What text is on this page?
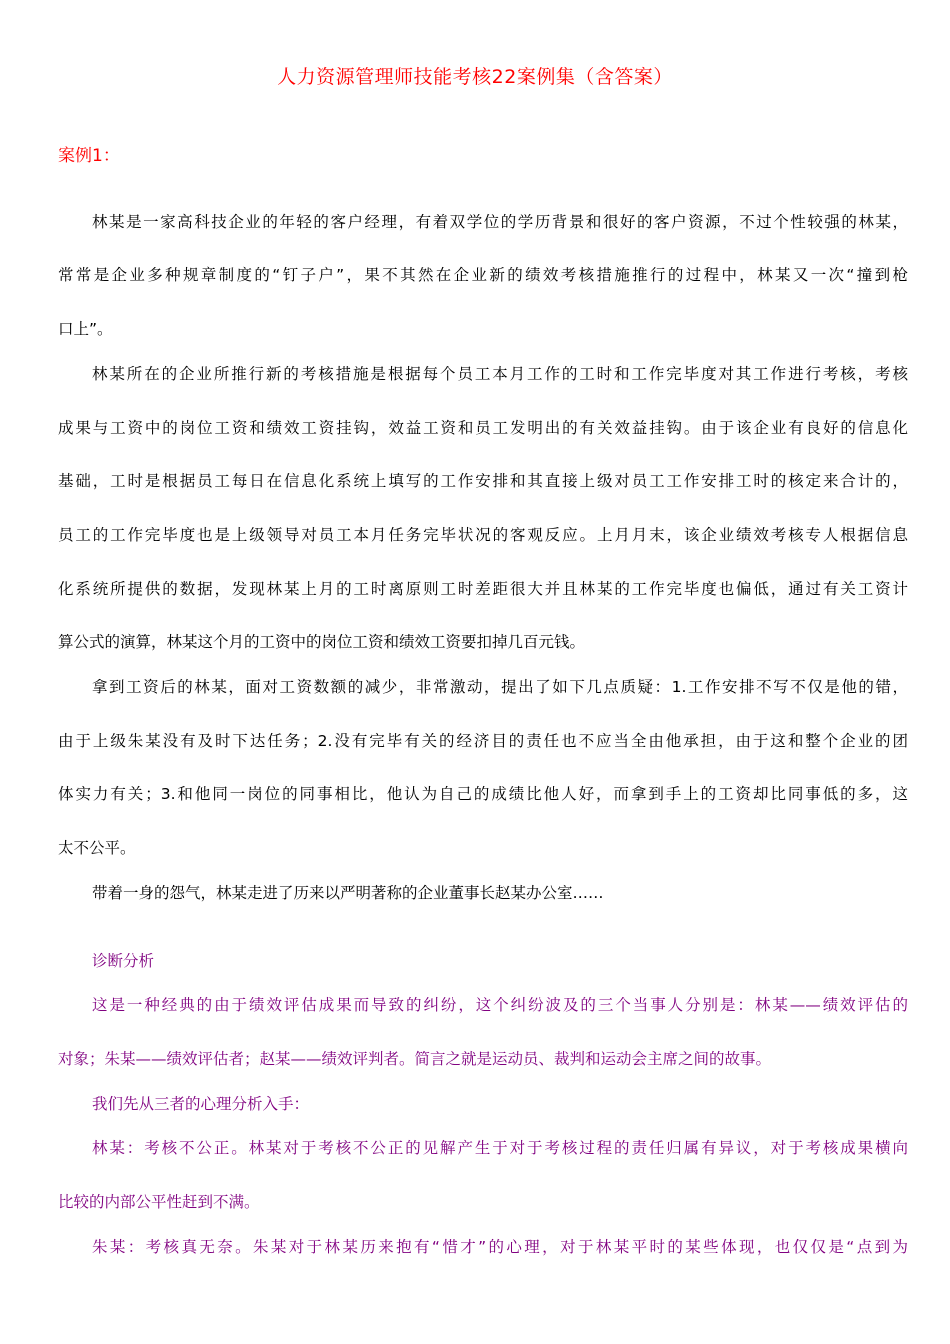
人力资源管理师技能考核22案例集（含答案）
案例1：
林某是一家高科技企业的年轻的客户经理，有着双学位的学历背景和很好的客户资源，不过个性较强的林某，
常常是企业多种规章制度的“钉子户”，果不其然在企业新的绩效考核措施推行的过程中，林某又一次“撞到枪
口上”。
林某所在的企业所推行新的考核措施是根据每个员工本月工作的工时和工作完毕度对其工作进行考核，考核
成果与工资中的岗位工资和绩效工资挂钩，效益工资和员工发明出的有关效益挂钩。由于该企业有良好的信息化
基础，工时是根据员工每日在信息化系统上填写的工作安排和其直接上级对员工工作安排工时的核定来合计的，
员工的工作完毕度也是上级领导对员工本月任务完毕状况的客观反应。上月月末，该企业绩效考核专人根据信息
化系统所提供的数据，发现林某上月的工时离原则工时差距很大并且林某的工作完毕度也偏低，通过有关工资计
算公式的演算，林某这个月的工资中的岗位工资和绩效工资要扣掉几百元钱。
拿到工资后的林某，面对工资数额的减少，非常激动，提出了如下几点质疑：1.工作安排不写不仅是他的错，
由于上级朱某没有及时下达任务；2.没有完毕有关的经济目的责任也不应当全由他承担，由于这和整个企业的团
体实力有关；3.和他同一岗位的同事相比，他认为自己的成绩比他人好，而拿到手上的工资却比同事低的多，这
太不公平。
带着一身的怨气，林某走进了历来以严明著称的企业董事长赵某办公室……
诊断分析
这是一种经典的由于绩效评估成果而导致的纠纷，这个纠纷波及的三个当事人分别是：林某——绩效评估的
对象；朱某——绩效评估者；赵某——绩效评判者。简言之就是运动员、裁判和运动会主席之间的故事。
我们先从三者的心理分析入手：
林某：考核不公正。林某对于考核不公正的见解产生于对于考核过程的责任归属有异议，对于考核成果横向
比较的内部公平性赶到不满。
朱某：考核真无奈。朱某对于林某历来抱有“惜才”的心理，对于林某平时的某些体现，也仅仅是“点到为
